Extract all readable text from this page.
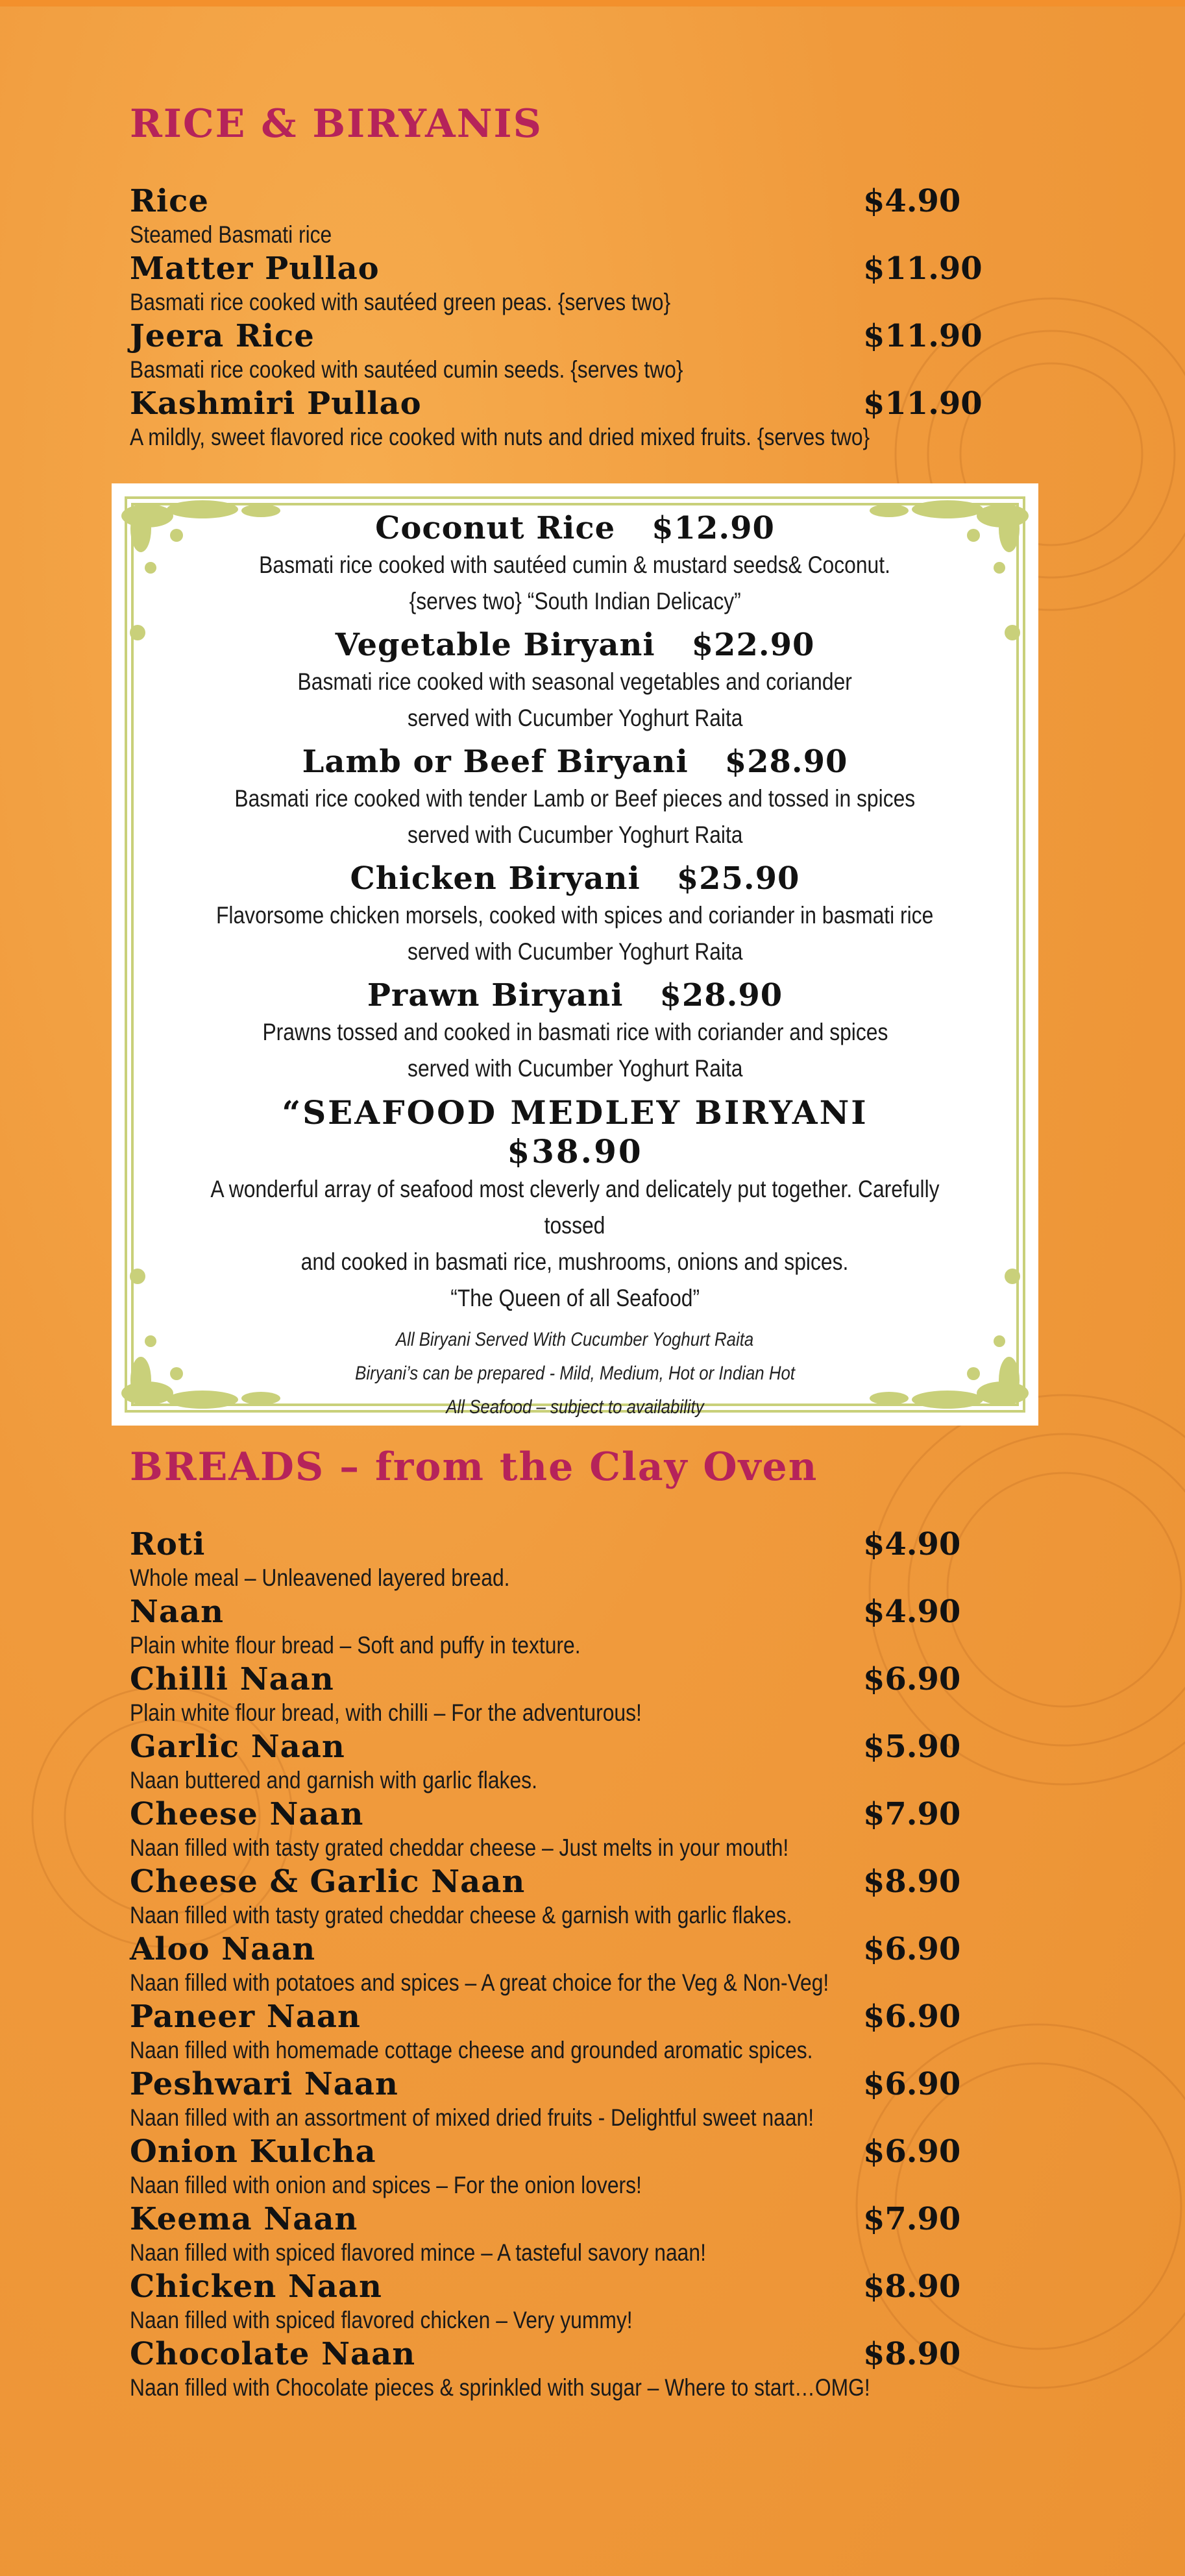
RICE & BIRYANIS
Rice	$4.90
Steamed Basmati rice
Matter Pullao	$11.90
Basmati rice cooked with sautéed green peas. {serves two}
Jeera Rice	$11.90
Basmati rice cooked with sautéed cumin seeds. {serves two}
Kashmiri Pullao	$11.90
A mildly, sweet flavored rice cooked with nuts and dried mixed fruits. {serves two}
Coconut Rice $12.90
Basmati rice cooked with sautéed cumin & mustard seeds& Coconut.
{serves two} “South Indian Delicacy”
Vegetable Biryani $22.90
Basmati rice cooked with seasonal vegetables and coriander
served with Cucumber Yoghurt Raita
Lamb or Beef Biryani $28.90
Basmati rice cooked with tender Lamb or Beef pieces and tossed in spices
served with Cucumber Yoghurt Raita
Chicken Biryani $25.90
Flavorsome chicken morsels, cooked with spices and coriander in basmati rice
served with Cucumber Yoghurt Raita
Prawn Biryani $28.90
Prawns tossed and cooked in basmati rice with coriander and spices
served with Cucumber Yoghurt Raita
“SEAFOOD MEDLEY BIRYANI
$38.90
A wonderful array of seafood most cleverly and delicately put together. Carefully
tossed
and cooked in basmati rice, mushrooms, onions and spices.
“The Queen of all Seafood”
All Biryani Served With Cucumber Yoghurt Raita
Biryani’s can be prepared - Mild, Medium, Hot or Indian Hot
All Seafood – subject to availability
BREADS – from the Clay Oven
Roti	$4.90
Whole meal – Unleavened layered bread.
Naan	$4.90
Plain white flour bread – Soft and puffy in texture.
Chilli Naan	$6.90
Plain white flour bread, with chilli – For the adventurous!
Garlic Naan	$5.90
Naan buttered and garnish with garlic flakes.
Cheese Naan	$7.90
Naan filled with tasty grated cheddar cheese – Just melts in your mouth!
Cheese & Garlic Naan	$8.90
Naan filled with tasty grated cheddar cheese & garnish with garlic flakes.
Aloo Naan	$6.90
Naan filled with potatoes and spices – A great choice for the Veg & Non-Veg!
Paneer Naan	$6.90
Naan filled with homemade cottage cheese and grounded aromatic spices.
Peshwari Naan	$6.90
Naan filled with an assortment of mixed dried fruits - Delightful sweet naan!
Onion Kulcha	$6.90
Naan filled with onion and spices – For the onion lovers!
Keema Naan	$7.90
Naan filled with spiced flavored mince – A tasteful savory naan!
Chicken Naan	$8.90
Naan filled with spiced flavored chicken – Very yummy!
Chocolate Naan	$8.90
Naan filled with Chocolate pieces & sprinkled with sugar – Where to start…OMG!
